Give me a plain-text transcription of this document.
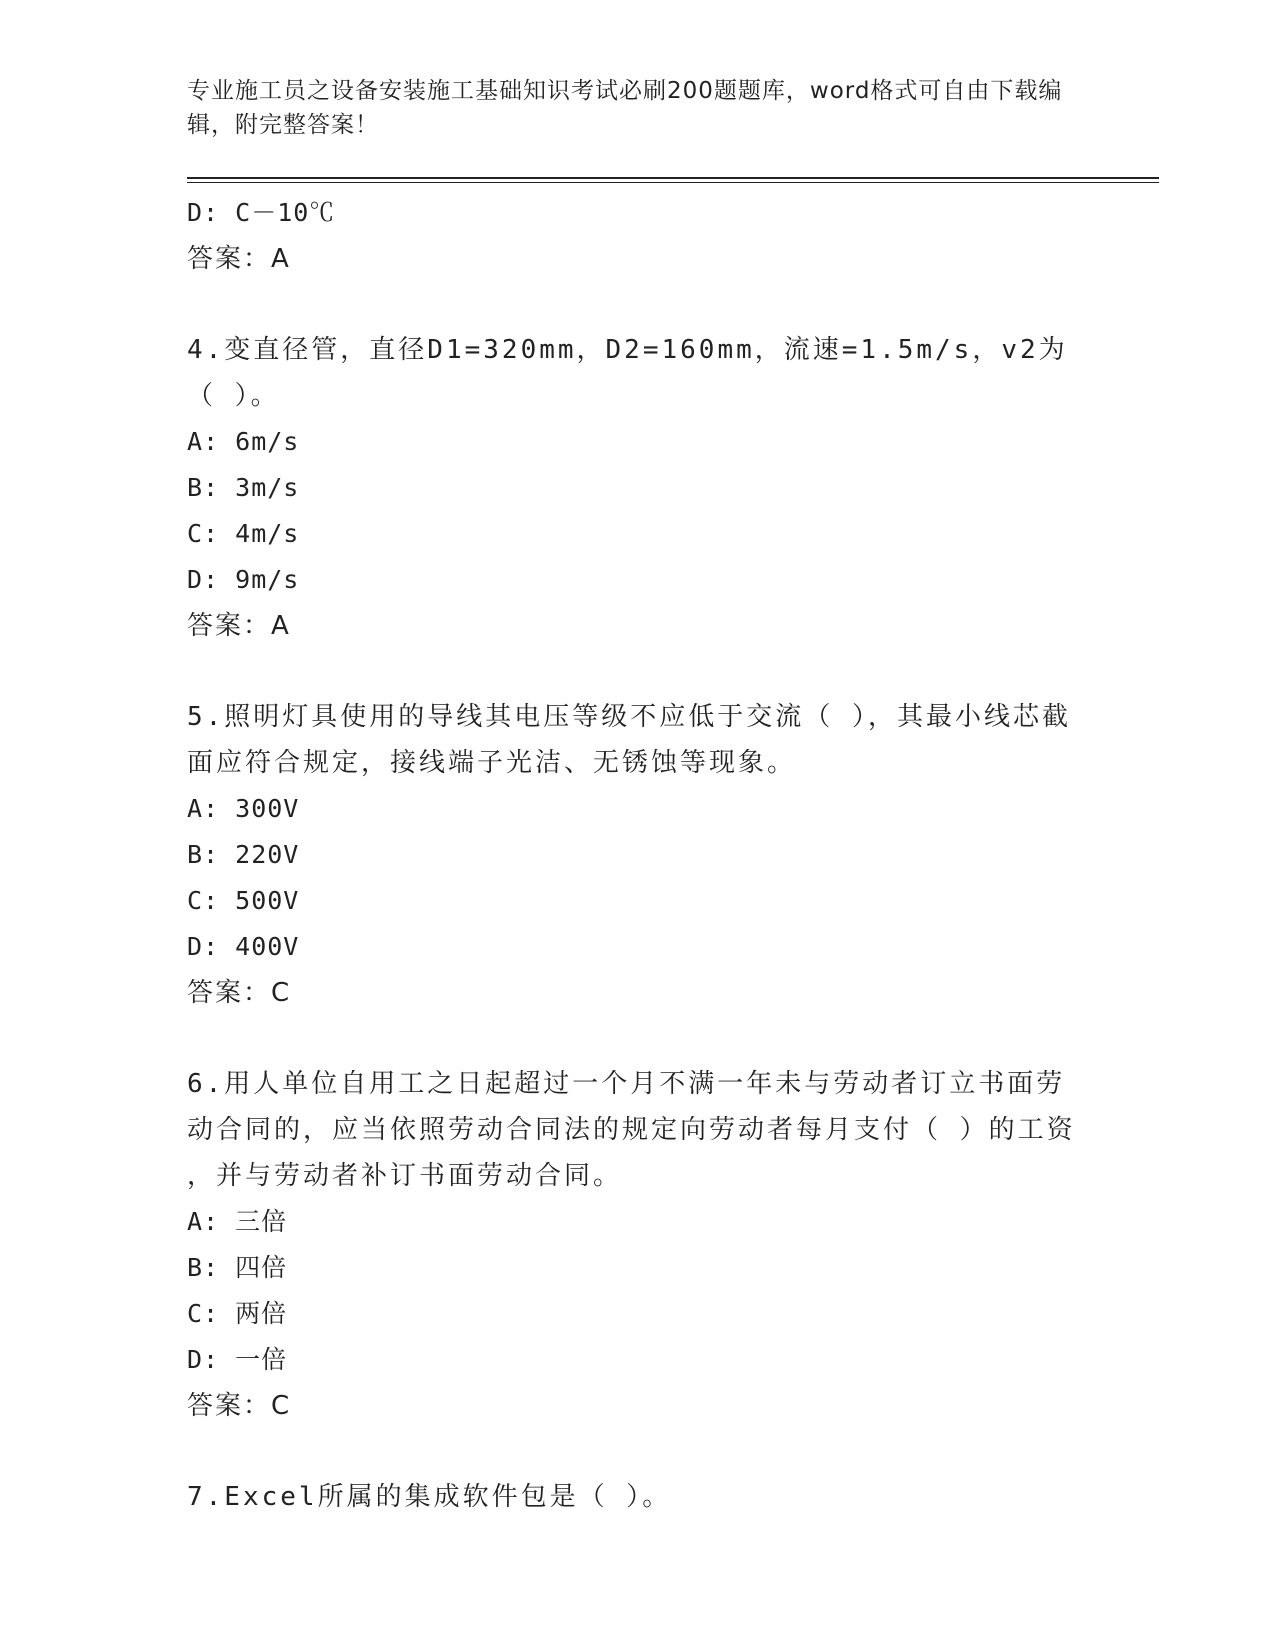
专业施工员之设备安装施工基础知识考试必刷200题题库，word格式可自由下载编辑，附完整答案！
D: C－10℃
答案：A
4.变直径管，直径D1=320mm，D2=160mm，流速=1.5m/s，v2为（ ）。
A: 6m/s
B: 3m/s
C: 4m/s
D: 9m/s
答案：A
5.照明灯具使用的导线其电压等级不应低于交流（ ），其最小线芯截
面应符合规定，接线端子光洁、无锈蚀等现象。
A: 300V
B: 220V
C: 500V
D: 400V
答案：C
6.用人单位自用工之日起超过一个月不满一年未与劳动者订立书面劳
动合同的，应当依照劳动合同法的规定向劳动者每月支付（ ）的工资
，并与劳动者补订书面劳动合同。
A: 三倍
B: 四倍
C: 两倍
D: 一倍
答案：C
7.Excel所属的集成软件包是（ ）。
